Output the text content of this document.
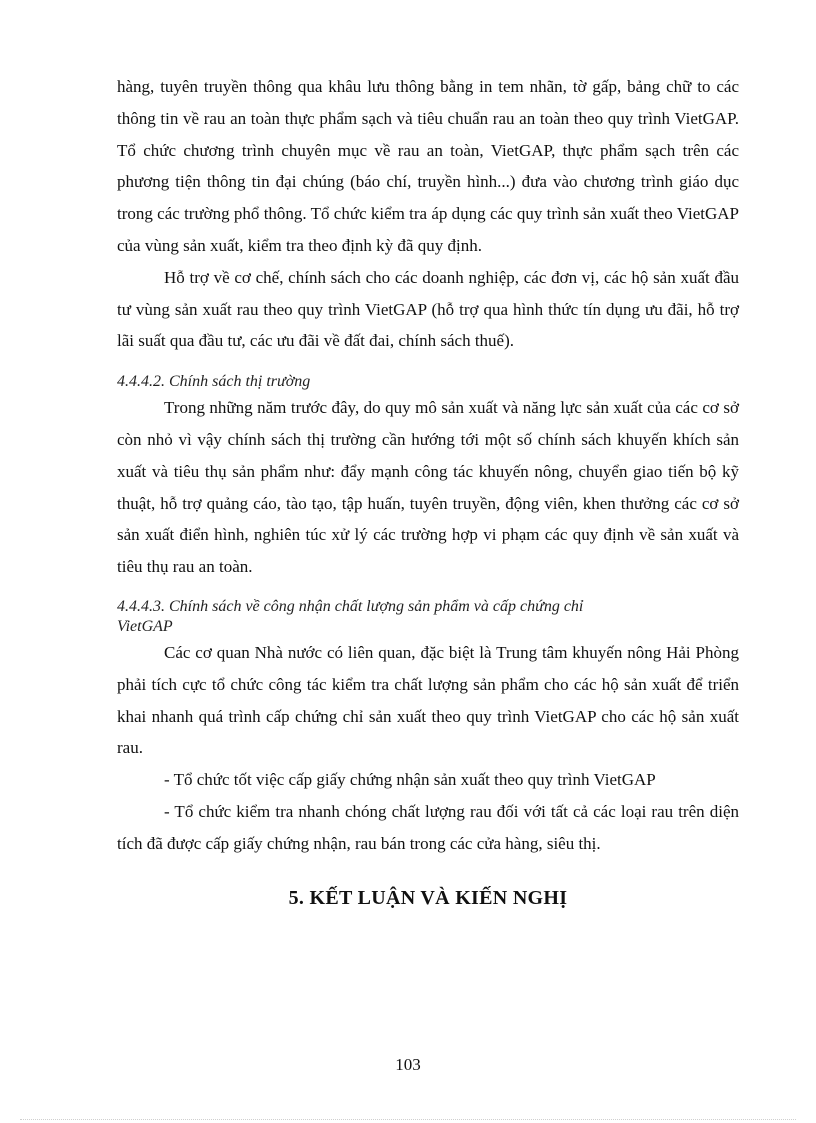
hàng, tuyên truyền thông qua khâu lưu thông bằng in tem nhãn, tờ gấp, bảng chữ to các thông tin về rau an toàn thực phẩm sạch và tiêu chuẩn rau an toàn theo quy trình VietGAP. Tổ chức chương trình chuyên mục về rau an toàn, VietGAP, thực phẩm sạch trên các phương tiện thông tin đại chúng (báo chí, truyền hình...) đưa vào chương trình giáo dục trong các trường phổ thông. Tổ chức kiểm tra áp dụng các quy trình sản xuất theo VietGAP của vùng sản xuất, kiểm tra theo định kỳ đã quy định.

Hỗ trợ về cơ chế, chính sách cho các doanh nghiệp, các đơn vị, các hộ sản xuất đầu tư vùng sản xuất rau theo quy trình VietGAP (hỗ trợ qua hình thức tín dụng ưu đãi, hỗ trợ lãi suất qua đầu tư, các ưu đãi về đất đai, chính sách thuế).

4.4.4.2. Chính sách thị trường

Trong những năm trước đây, do quy mô sản xuất và năng lực sản xuất của các cơ sở còn nhỏ vì vậy chính sách thị trường cần hướng tới một số chính sách khuyến khích sản xuất và tiêu thụ sản phẩm như: đẩy mạnh công tác khuyến nông, chuyển giao tiến bộ kỹ thuật, hỗ trợ quảng cáo, tào tạo, tập huấn, tuyên truyền, động viên, khen thưởng các cơ sở sản xuất điển hình, nghiên túc xử lý các trường hợp vi phạm các quy định về sản xuất và tiêu thụ rau an toàn.

4.4.4.3. Chính sách về công nhận chất lượng sản phẩm và cấp chứng chỉ
VietGAP

Các cơ quan Nhà nước có liên quan, đặc biệt là Trung tâm khuyến nông Hải Phòng phải tích cực tổ chức công tác kiểm tra chất lượng sản phẩm cho các hộ sản xuất để triển khai nhanh quá trình cấp chứng chỉ sản xuất theo quy trình VietGAP cho các hộ sản xuất rau.

- Tổ chức tốt việc cấp giấy chứng nhận sản xuất theo quy trình VietGAP

- Tổ chức kiểm tra nhanh chóng chất lượng rau đối với tất cả các loại rau trên diện tích đã được cấp giấy chứng nhận, rau bán trong các cửa hàng, siêu thị.

5. KẾT LUẬN VÀ KIẾN NGHỊ
103
